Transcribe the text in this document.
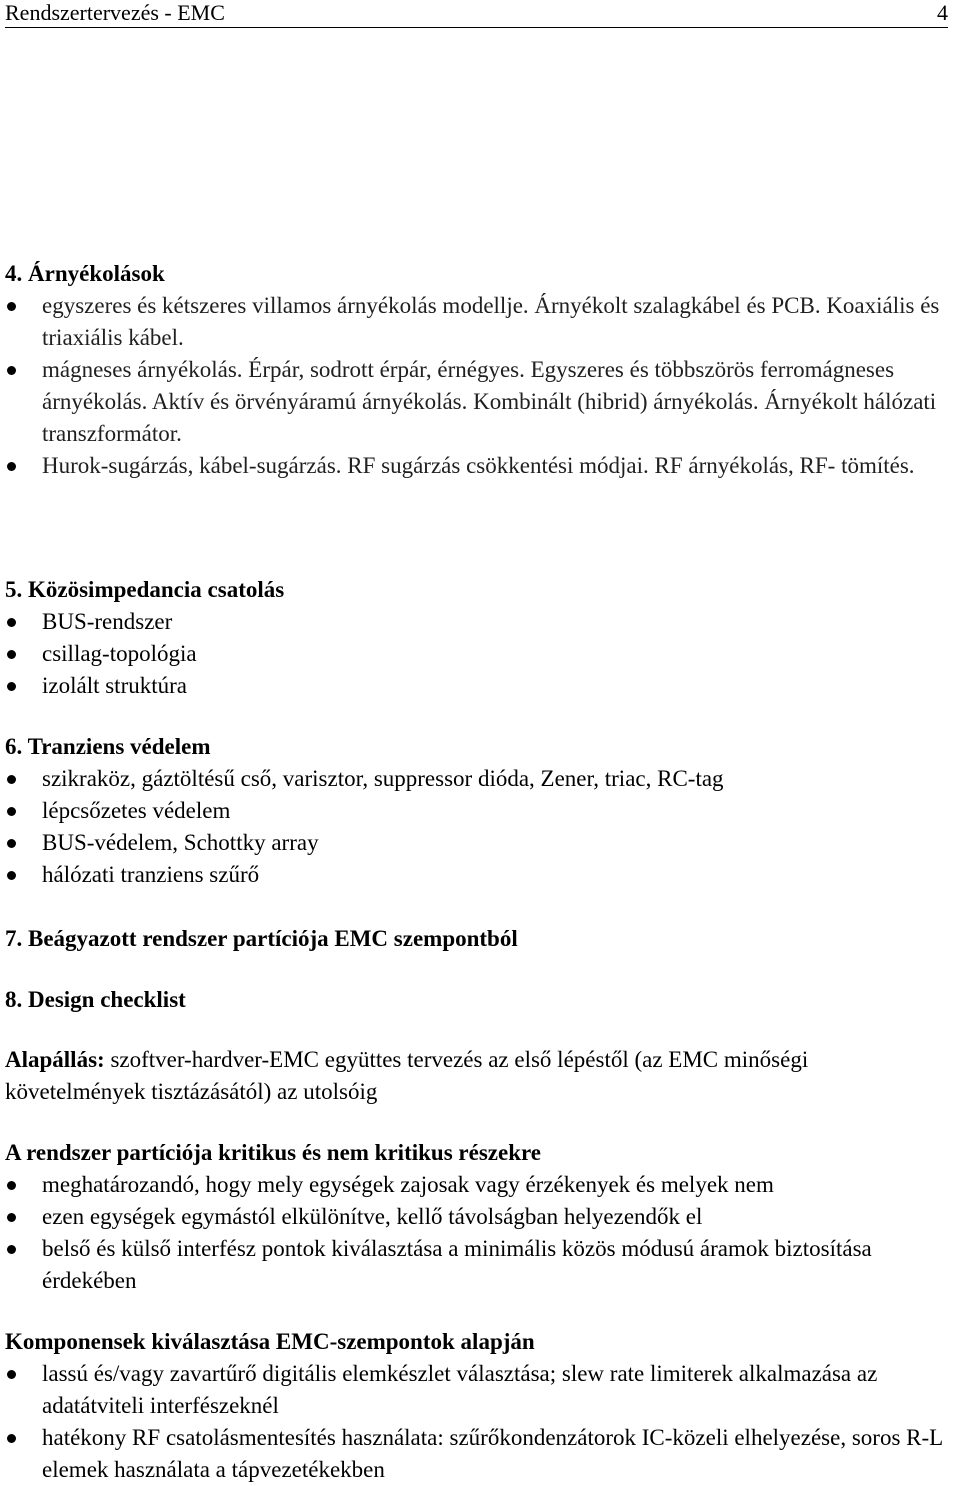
Rendszertervezés - EMC	4
4. Árnyékolások
egyszeres és kétszeres villamos árnyékolás modellje. Árnyékolt szalagkábel és PCB. Koaxiális és triaxiális kábel.
mágneses árnyékolás. Érpár, sodrott érpár, érnégyes. Egyszeres és többszörös ferromágneses árnyékolás. Aktív és örvényáramú árnyékolás. Kombinált (hibrid) árnyékolás. Árnyékolt hálózati transzformátor.
Hurok-sugárzás, kábel-sugárzás. RF sugárzás csökkentési módjai. RF árnyékolás, RF- tömítés.
5. Közösimpedancia csatolás
BUS-rendszer
csillag-topológia
izolált struktúra
6. Tranziens védelem
szikraköz, gáztöltésű cső, varisztor, suppressor dióda, Zener, triac, RC-tag
lépcsőzetes védelem
BUS-védelem, Schottky array
hálózati tranziens szűrő
7. Beágyazott rendszer partíciója EMC szempontból
8. Design checklist

Alapállás: szoftver-hardver-EMC együttes tervezés az első lépéstől (az EMC minőségi követelmények tisztázásától) az utolsóig

A rendszer partíciója kritikus és nem kritikus részekre
meghatározandó, hogy mely egységek zajosak vagy érzékenyek és melyek nem
ezen egységek egymástól elkülönítve, kellő távolságban helyezendők el
belső és külső interfész pontok kiválasztása a minimális közös módusú áramok biztosítása érdekében
Komponensek kiválasztása EMC-szempontok alapján
lassú és/vagy zavartűrő digitális elemkészlet választása; slew rate limiterek alkalmazása az adatátviteli interfészeknél
hatékony RF csatolásmentesítés használata: szűrőkondenzátorok IC-közeli elhelyezése, soros R-L elemek használata a tápvezetékekben
